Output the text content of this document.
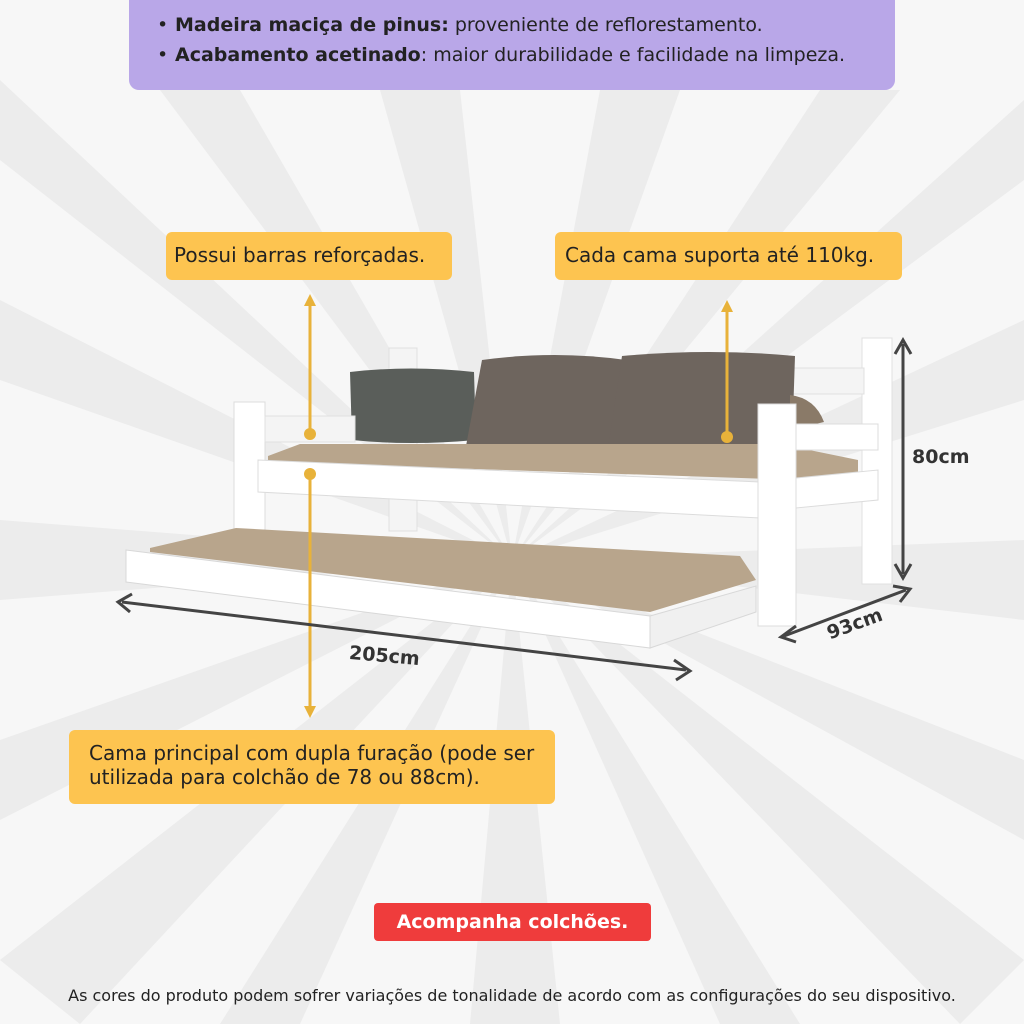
• Madeira maciça de pinus: proveniente de reflorestamento.
• Acabamento acetinado: maior durabilidade e facilidade na limpeza.
Possui barras reforçadas.	Cada cama suporta até 110kg.
Cama principal com dupla furação (pode ser utilizada para colchão de 78 ou 88cm).
205cm
80cm
93cm
Acompanha colchões.
As cores do produto podem sofrer variações de tonalidade de acordo com as configurações do seu dispositivo.
